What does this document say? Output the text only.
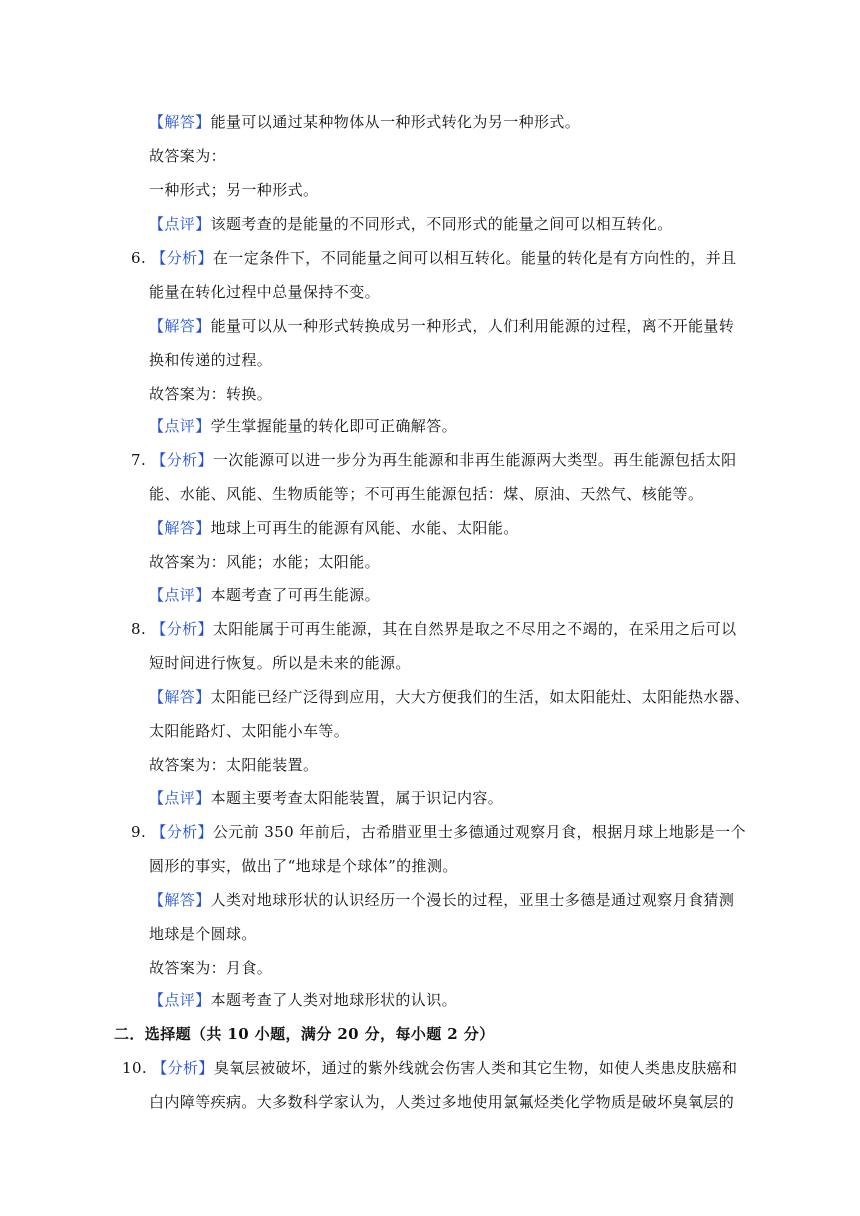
【解答】能量可以通过某种物体从一种形式转化为另一种形式。
故答案为：
一种形式；另一种形式。
【点评】该题考查的是能量的不同形式，不同形式的能量之间可以相互转化。
6. 【分析】在一定条件下，不同能量之间可以相互转化。能量的转化是有方向性的，并且
能量在转化过程中总量保持不变。
【解答】能量可以从一种形式转换成另一种形式，人们利用能源的过程，离不开能量转
换和传递的过程。
故答案为：转换。
【点评】学生掌握能量的转化即可正确解答。
7. 【分析】一次能源可以进一步分为再生能源和非再生能源两大类型。再生能源包括太阳
能、水能、风能、生物质能等；不可再生能源包括：煤、原油、天然气、核能等。
【解答】地球上可再生的能源有风能、水能、太阳能。
故答案为：风能；水能；太阳能。
【点评】本题考查了可再生能源。
8. 【分析】太阳能属于可再生能源，其在自然界是取之不尽用之不竭的，在采用之后可以
短时间进行恢复。所以是未来的能源。
【解答】太阳能已经广泛得到应用，大大方便我们的生活，如太阳能灶、太阳能热水器、
太阳能路灯、太阳能小车等。
故答案为：太阳能装置。
【点评】本题主要考查太阳能装置，属于识记内容。
9. 【分析】公元前 350 年前后，古希腊亚里士多德通过观察月食，根据月球上地影是一个
圆形的事实，做出了“地球是个球体”的推测。
【解答】人类对地球形状的认识经历一个漫长的过程，亚里士多德是通过观察月食猜测
地球是个圆球。
故答案为：月食。
【点评】本题考查了人类对地球形状的认识。
二．选择题（共 10 小题，满分 20 分，每小题 2 分）
10. 【分析】臭氧层被破坏，通过的紫外线就会伤害人类和其它生物，如使人类患皮肤癌和
白内障等疾病。大多数科学家认为，人类过多地使用氯氟烃类化学物质是破坏臭氧层的
